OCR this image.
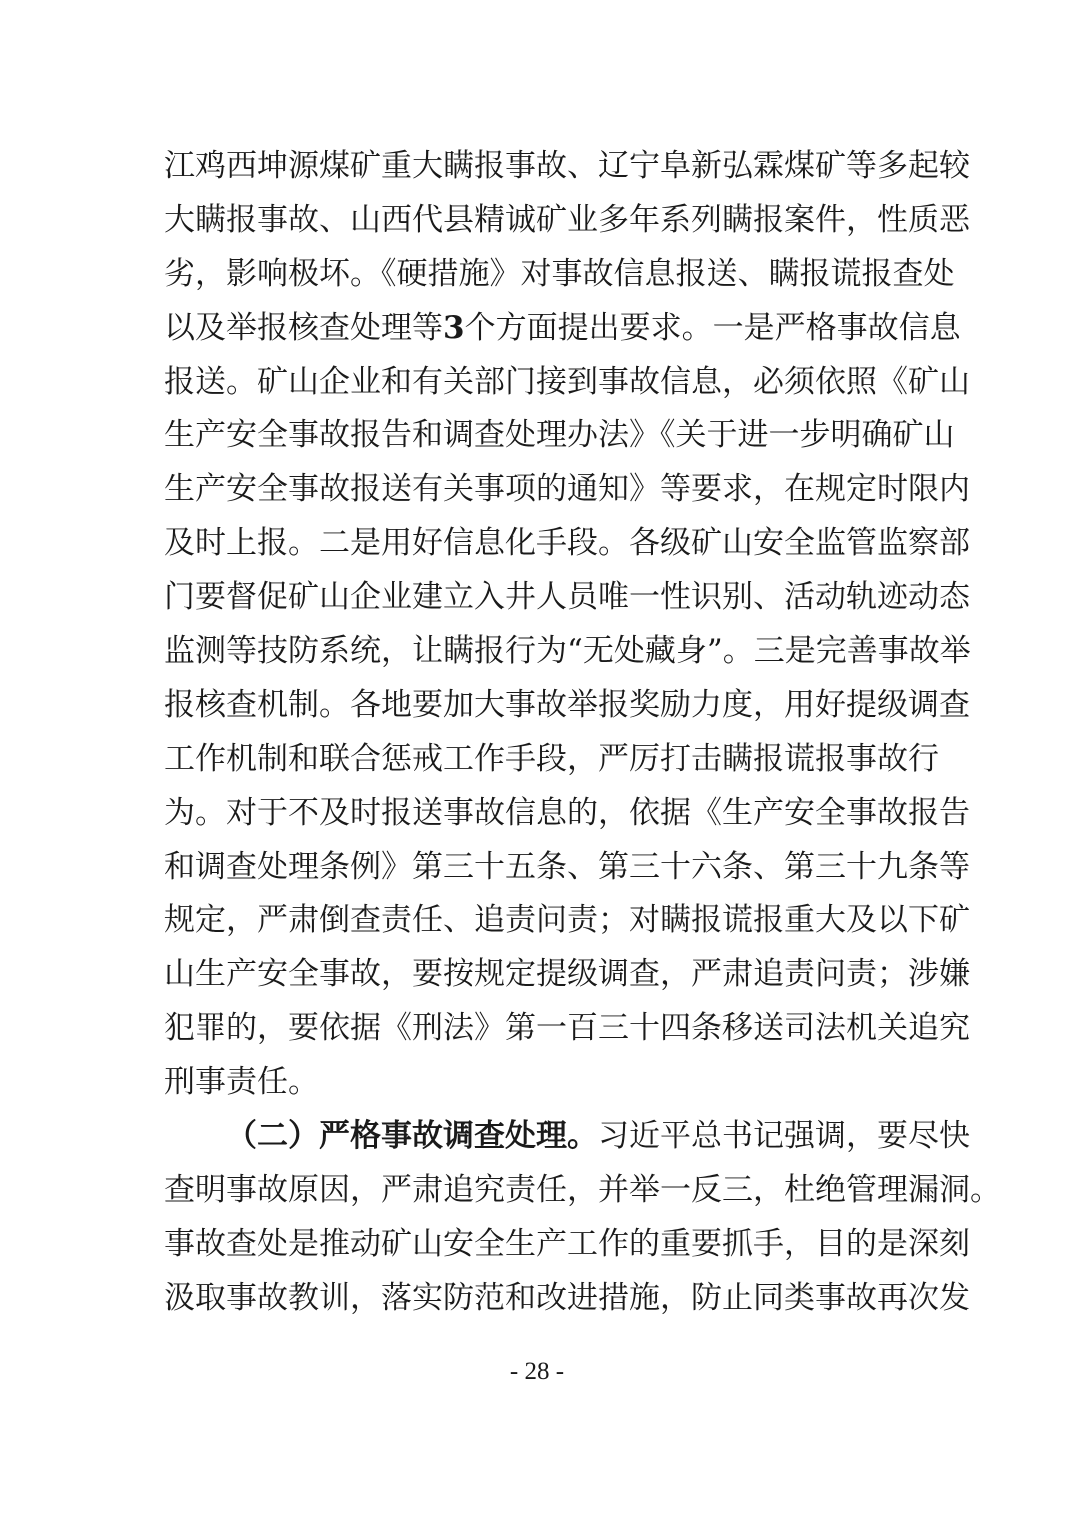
江鸡西坤源煤矿重大瞒报事故、辽宁阜新弘霖煤矿等多起较
大瞒报事故、山西代县精诚矿业多年系列瞒报案件，性质恶
劣，影响极坏。《硬措施》对事故信息报送、瞒报谎报查处
以及举报核查处理等3个方面提出要求。一是严格事故信息
报送。矿山企业和有关部门接到事故信息，必须依照《矿山
生产安全事故报告和调查处理办法》《关于进一步明确矿山
生产安全事故报送有关事项的通知》等要求，在规定时限内
及时上报。二是用好信息化手段。各级矿山安全监管监察部
门要督促矿山企业建立入井人员唯一性识别、活动轨迹动态
监测等技防系统，让瞒报行为“无处藏身”。三是完善事故举
报核查机制。各地要加大事故举报奖励力度，用好提级调查
工作机制和联合惩戒工作手段，严厉打击瞒报谎报事故行
为。对于不及时报送事故信息的，依据《生产安全事故报告
和调查处理条例》第三十五条、第三十六条、第三十九条等
规定，严肃倒查责任、追责问责；对瞒报谎报重大及以下矿
山生产安全事故，要按规定提级调查，严肃追责问责；涉嫌
犯罪的，要依据《刑法》第一百三十四条移送司法机关追究
刑事责任。
（二）严格事故调查处理。习近平总书记强调，要尽快
查明事故原因，严肃追究责任，并举一反三，杜绝管理漏洞。
事故查处是推动矿山安全生产工作的重要抓手，目的是深刻
汲取事故教训，落实防范和改进措施，防止同类事故再次发
- 28 -
